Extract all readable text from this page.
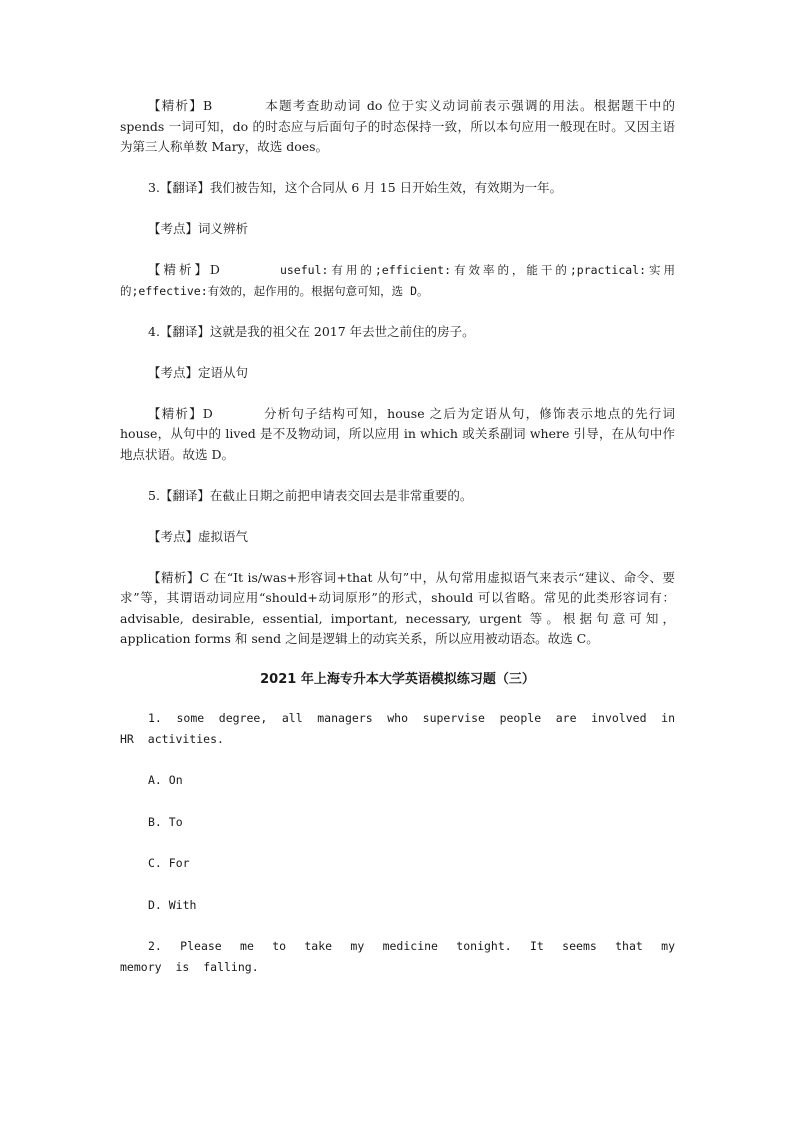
【精析】B	本题考查助动词 do 位于实义动词前表示强调的用法。根据题干中的 spends 一词可知，do 的时态应与后面句子的时态保持一致，所以本句应用一般现在时。又因主语为第三人称单数 Mary，故选 does。

3.【翻译】我们被告知，这个合同从 6 月 15 日开始生效，有效期为一年。

【考点】词义辨析

【精析】D	useful:有用的;efficient:有效率的，能干的;practical:实用的;effective:有效的，起作用的。根据句意可知，选 D。

4.【翻译】这就是我的祖父在 2017 年去世之前住的房子。

【考点】定语从句

【精析】D	分析句子结构可知，house 之后为定语从句，修饰表示地点的先行词 house，从句中的 lived 是不及物动词，所以应用 in which 或关系副词 where 引导，在从句中作地点状语。故选 D。

5.【翻译】在截止日期之前把申请表交回去是非常重要的。

【考点】虚拟语气

【精析】C 在“It is/was+形容词+that 从句”中，从句常用虚拟语气来表示“建议、命令、要求”等，其谓语动词应用“should+动词原形”的形式，should 可以省略。常见的此类形容词有：advisable, desirable, essential, important, necessary, urgent 等。根据句意可知，application forms 和 send 之间是逻辑上的动宾关系，所以应用被动语态。故选 C。

2021 年上海专升本大学英语模拟练习题（三）

1. some degree, all managers who supervise people are involved in HR activities.

A. On
B. To
C. For
D. With

2. Please me to take my medicine tonight. It seems that my memory is falling.
